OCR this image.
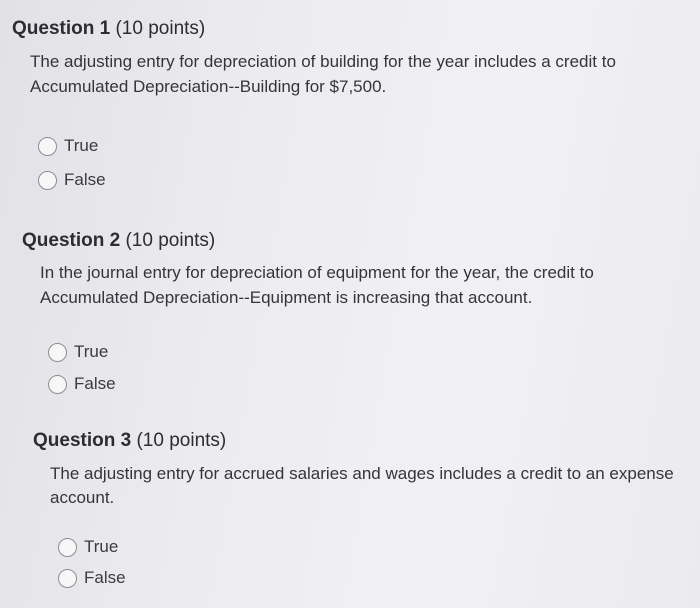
Question 1 (10 points)
The adjusting entry for depreciation of building for the year includes a credit to
Accumulated Depreciation--Building for $7,500.
True
False
Question 2 (10 points)
In the journal entry for depreciation of equipment for the year, the credit to
Accumulated Depreciation--Equipment is increasing that account.
True
False
Question 3 (10 points)
The adjusting entry for accrued salaries and wages includes a credit to an expense
account.
True
False
